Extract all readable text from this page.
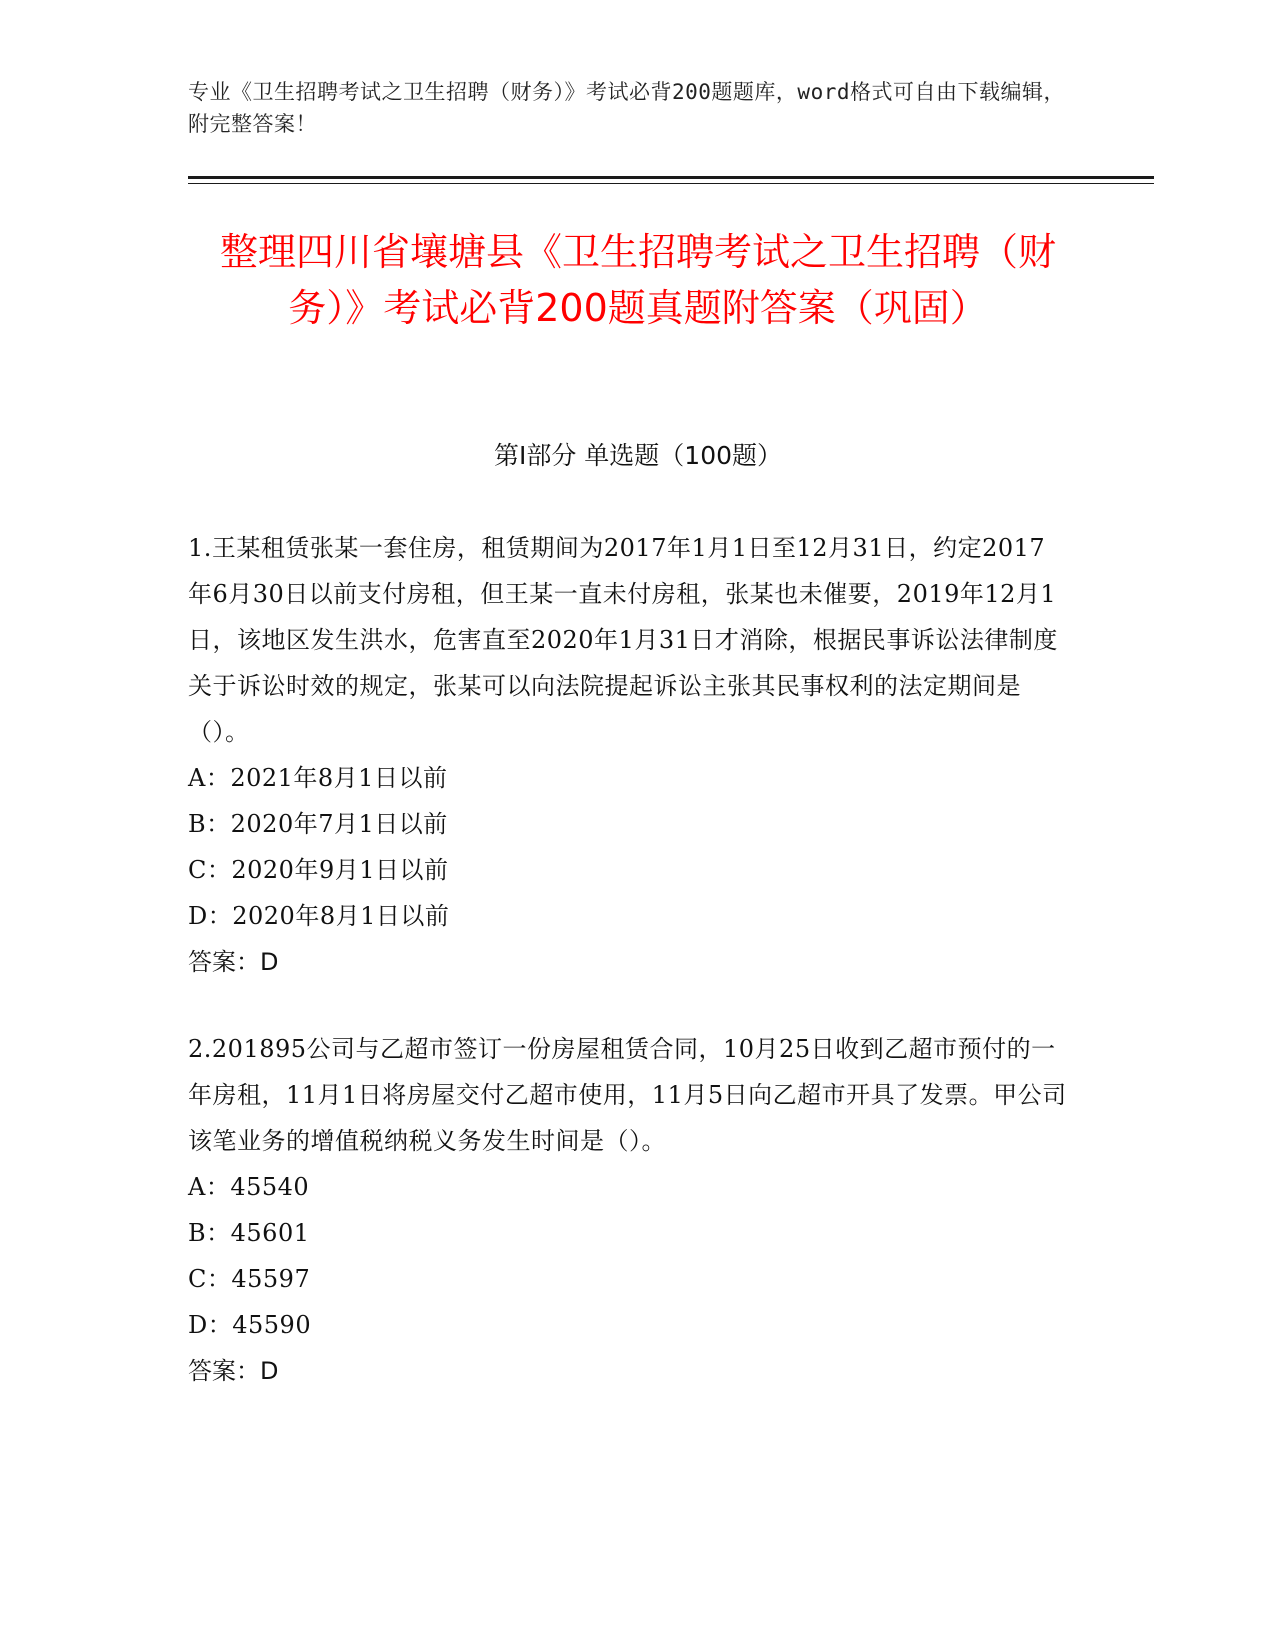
专业《卫生招聘考试之卫生招聘（财务）》考试必背200题题库，word格式可自由下载编辑，附完整答案！
整理四川省壤塘县《卫生招聘考试之卫生招聘（财务）》考试必背200题真题附答案（巩固）
第Ⅰ部分 单选题（100题）
1.王某租赁张某一套住房，租赁期间为2017年1月1日至12月31日，约定2017年6月30日以前支付房租，但王某一直未付房租，张某也未催要，2019年12月1日，该地区发生洪水，危害直至2020年1月31日才消除，根据民事诉讼法律制度关于诉讼时效的规定，张某可以向法院提起诉讼主张其民事权利的法定期间是（）。
A：2021年8月1日以前
B：2020年7月1日以前
C：2020年9月1日以前
D：2020年8月1日以前
答案：D
2.201895公司与乙超市签订一份房屋租赁合同，10月25日收到乙超市预付的一年房租，11月1日将房屋交付乙超市使用，11月5日向乙超市开具了发票。甲公司该笔业务的增值税纳税义务发生时间是（）。
A：45540
B：45601
C：45597
D：45590
答案：D
